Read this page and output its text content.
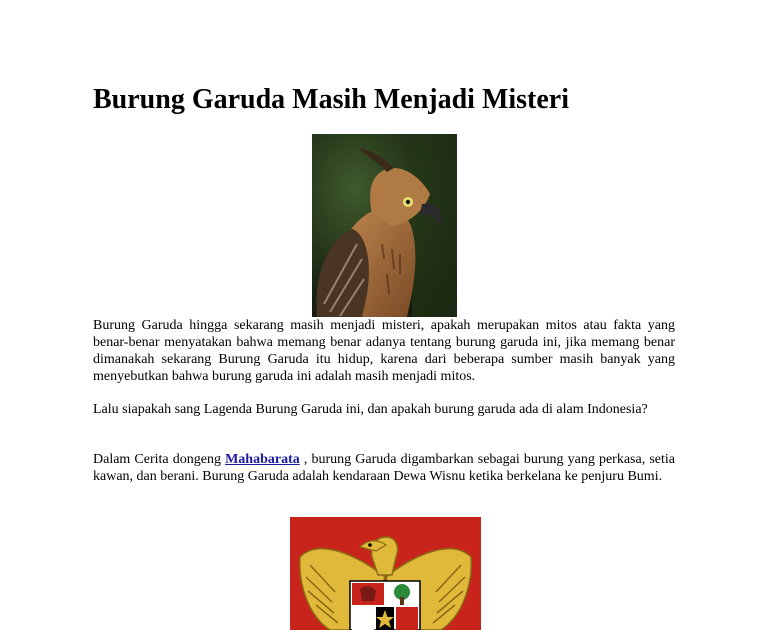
Burung Garuda Masih Menjadi Misteri

Burung Garuda hingga sekarang masih menjadi misteri, apakah merupakan mitos atau fakta yang benar-benar menyatakan bahwa memang benar adanya tentang burung garuda ini, jika memang benar dimanakah sekarang Burung Garuda itu hidup, karena dari beberapa sumber masih banyak yang menyebutkan bahwa burung garuda ini adalah masih menjadi mitos.

Lalu siapakah sang Lagenda Burung Garuda ini, dan apakah burung garuda ada di alam Indonesia?

Dalam Cerita dongeng Mahabarata , burung Garuda digambarkan sebagai burung yang perkasa, setia kawan, dan berani. Burung Garuda adalah kendaraan Dewa Wisnu ketika berkelana ke penjuru Bumi.
